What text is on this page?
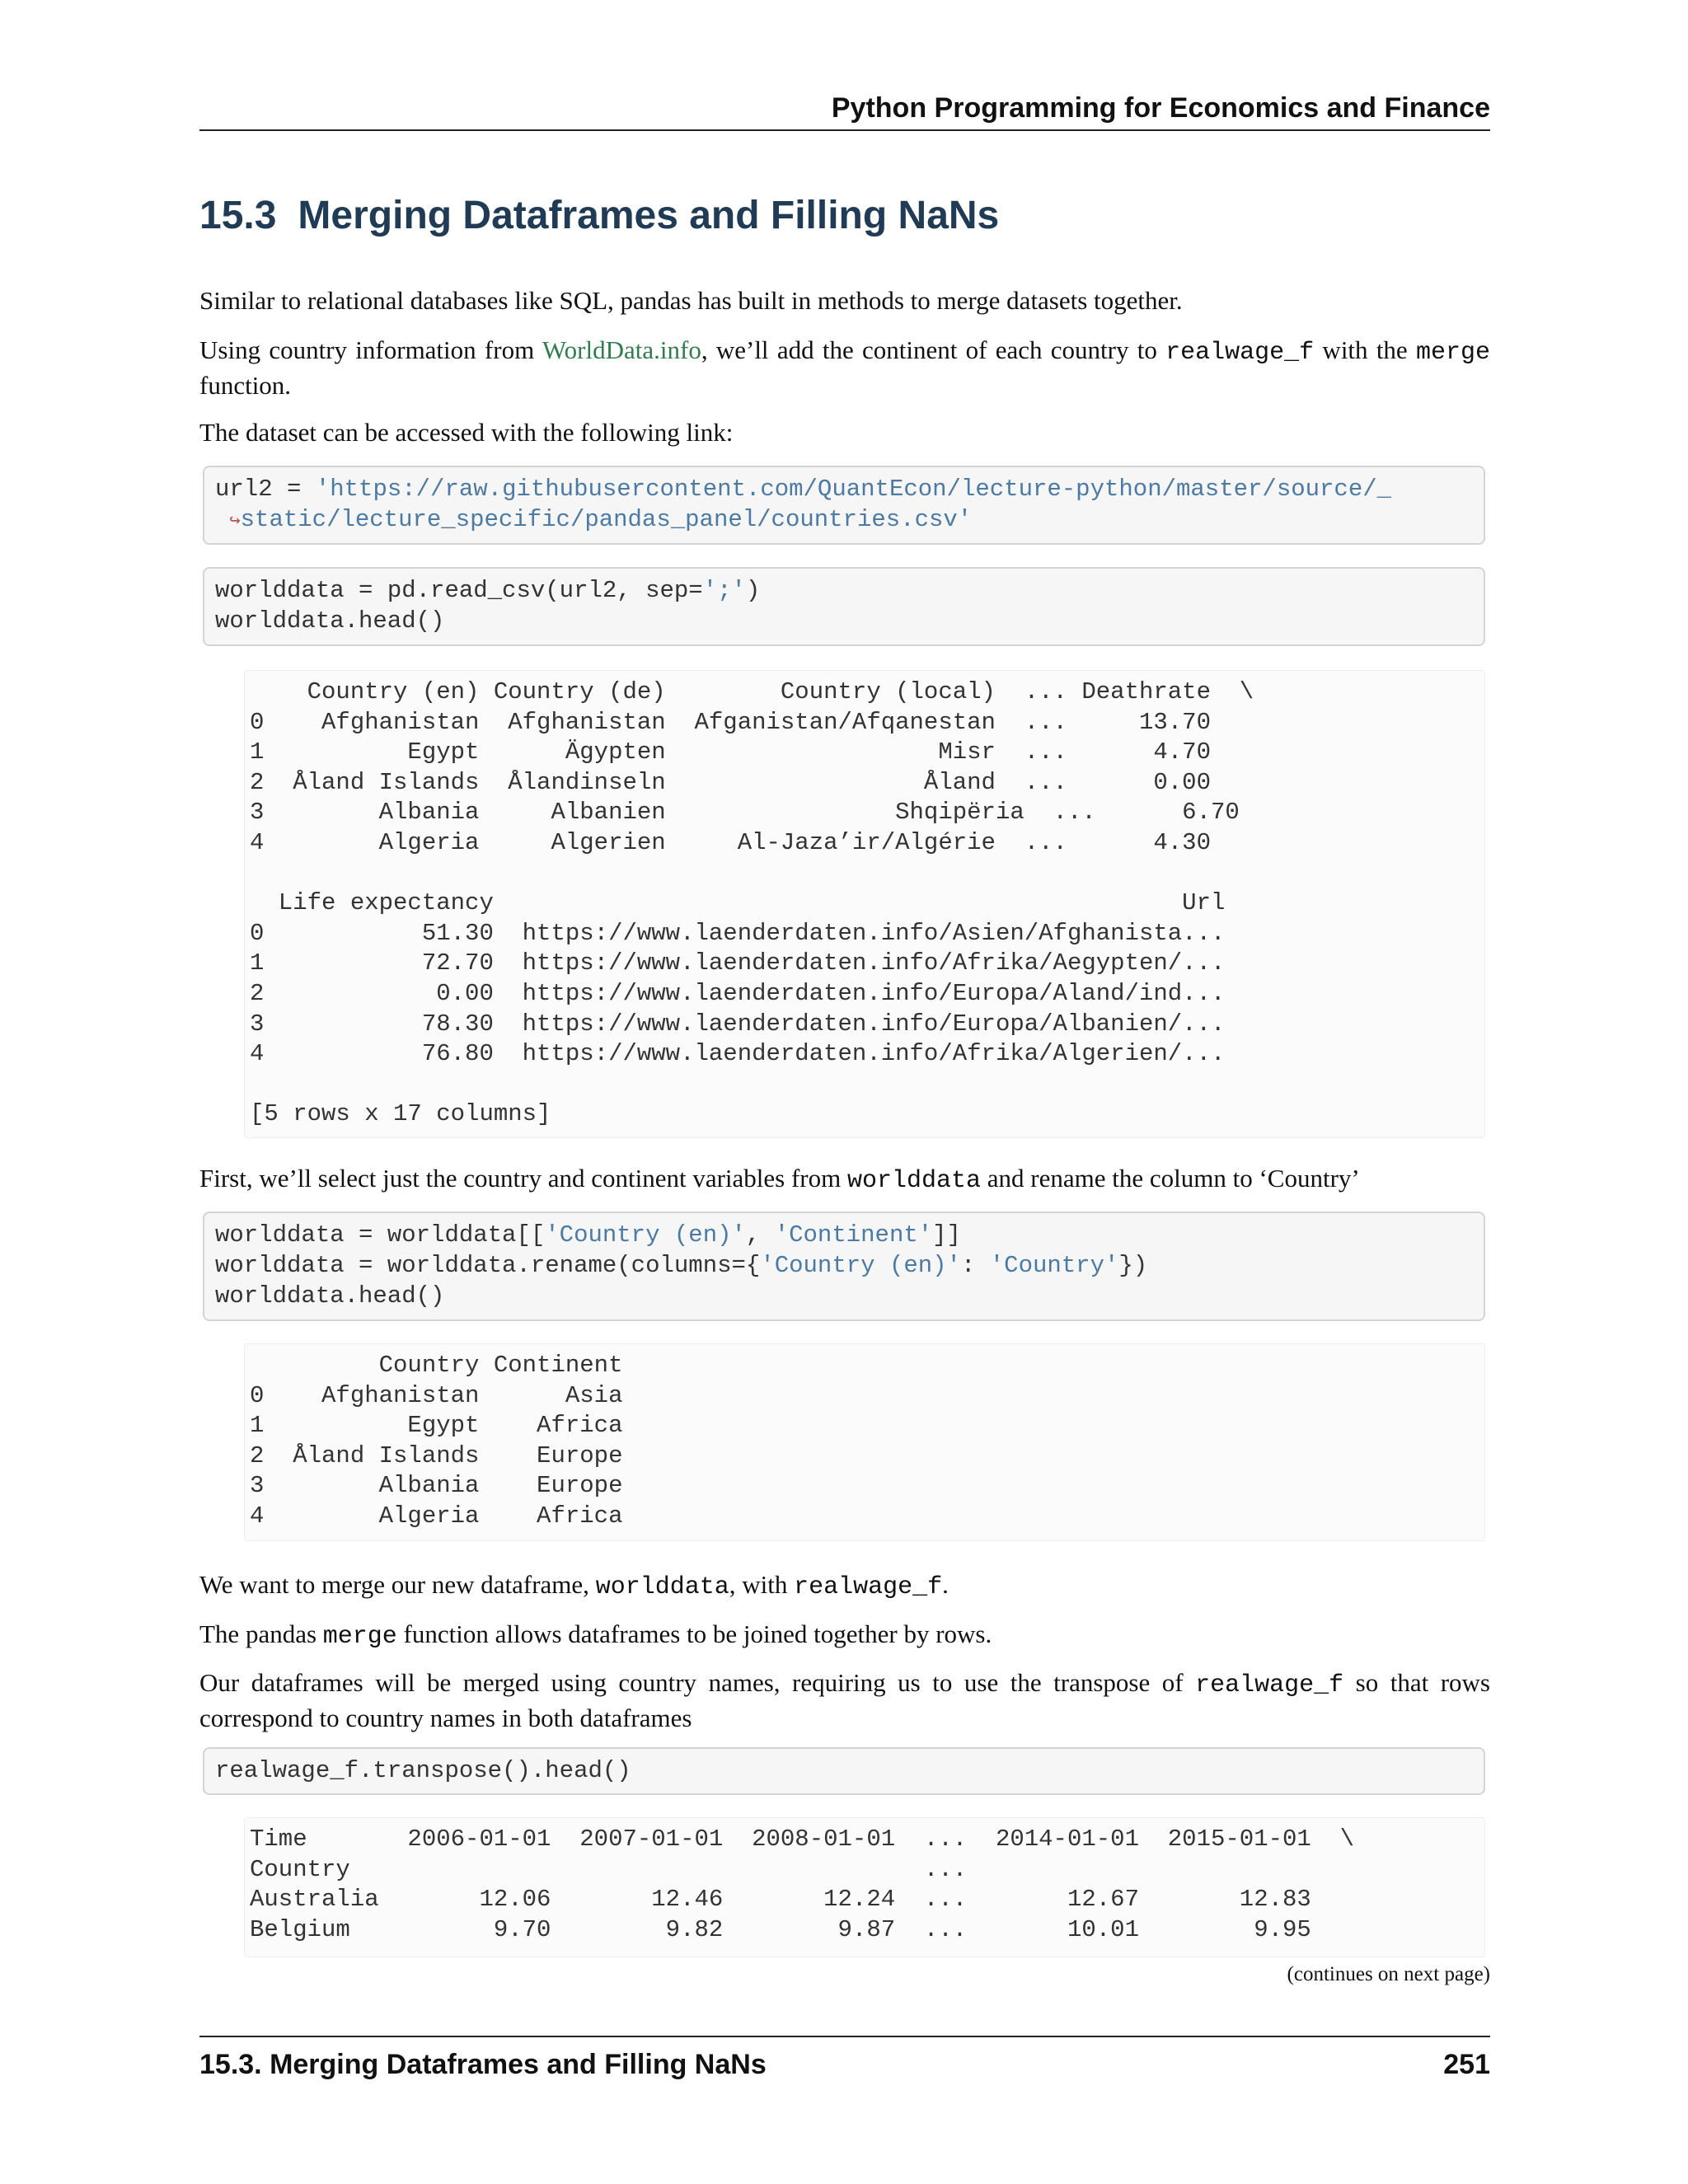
Python Programming for Economics and Finance
15.3 Merging Dataframes and Filling NaNs

Similar to relational databases like SQL, pandas has built in methods to merge datasets together.

Using country information from WorldData.info, we’ll add the continent of each country to realwage_f with the merge function.

The dataset can be accessed with the following link:

url2 = 'https://raw.githubusercontent.com/QuantEcon/lecture-python/master/source/_
↪static/lecture_specific/pandas_panel/countries.csv'
worlddata = pd.read_csv(url2, sep=';')
worlddata.head()
Country (en) Country (de)        Country (local)  ... Deathrate  \
0    Afghanistan  Afghanistan  Afganistan/Afqanestan  ...     13.70
1          Egypt      Ägypten                   Misr  ...      4.70
2  Åland Islands  Ålandinseln                  Åland  ...      0.00
3        Albania     Albanien                Shqipëria  ...      6.70
4        Algeria     Algerien     Al-Jaza’ir/Algérie  ...      4.30

Life expectancy                                                Url
0           51.30  https://www.laenderdaten.info/Asien/Afghanista...
1           72.70  https://www.laenderdaten.info/Afrika/Aegypten/...
2            0.00  https://www.laenderdaten.info/Europa/Aland/ind...
3           78.30  https://www.laenderdaten.info/Europa/Albanien/...
4           76.80  https://www.laenderdaten.info/Afrika/Algerien/...

[5 rows x 17 columns]

First, we’ll select just the country and continent variables from worlddata and rename the column to ‘Country’

worlddata = worlddata[['Country (en)', 'Continent']]
worlddata = worlddata.rename(columns={'Country (en)': 'Country'})
worlddata.head()
Country Continent
0    Afghanistan      Asia
1          Egypt    Africa
2  Åland Islands    Europe
3        Albania    Europe
4        Algeria    Africa

We want to merge our new dataframe, worlddata, with realwage_f.

The pandas merge function allows dataframes to be joined together by rows.

Our dataframes will be merged using country names, requiring us to use the transpose of realwage_f so that rows correspond to country names in both dataframes

realwage_f.transpose().head()
Time       2006-01-01  2007-01-01  2008-01-01  ...  2014-01-01  2015-01-01  \
Country                                        ...
Australia       12.06       12.46       12.24  ...       12.67       12.83
Belgium          9.70        9.82        9.87  ...       10.01        9.95
(continues on next page)
15.3. Merging Dataframes and Filling NaNs	251
